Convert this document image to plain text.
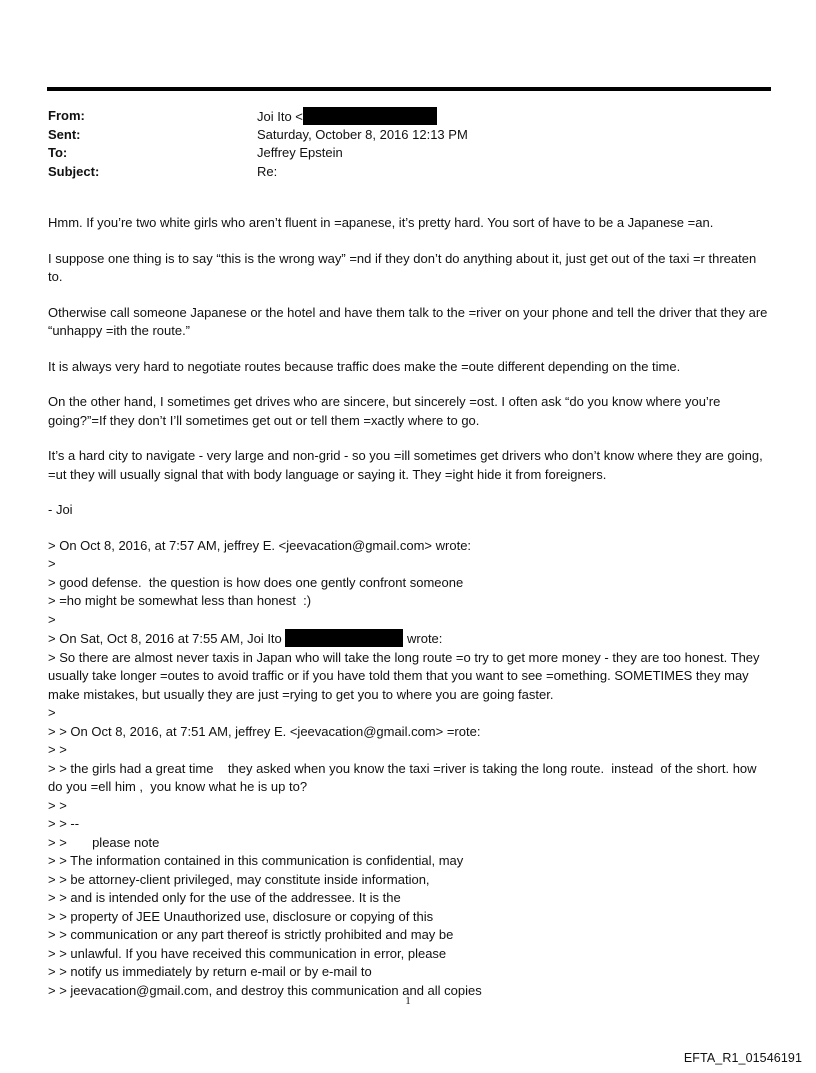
From:	Joi Ito <
Sent:	Saturday, October 8, 2016 12:13 PM
To:	Jeffrey Epstein
Subject:	Re:

Hmm. If you’re two white girls who aren’t fluent in =apanese, it’s pretty hard. You sort of have to be a Japanese =an.

I suppose one thing is to say “this is the wrong way” =nd if they don’t do anything about it, just get out of the taxi =r threaten to.

Otherwise call someone Japanese or the hotel and have them talk to the =river on your phone and tell the driver that they are “unhappy =ith the route.”

It is always very hard to negotiate routes because traffic does make the =oute different depending on the time.

On the other hand, I sometimes get drives who are sincere, but sincerely =ost. I often ask “do you know where you’re going?”=If they don’t I’ll sometimes get out or tell them =xactly where to go.

It’s a hard city to navigate - very large and non-grid - so you =ill sometimes get drivers who don’t know where they are going, =ut they will usually signal that with body language or saying it. They =ight hide it from foreigners.

- Joi

> On Oct 8, 2016, at 7:57 AM, jeffrey E. <jeevacation@gmail.com> wrote:

>

> good defense.  the question is how does one gently confront someone

> =ho might be somewhat less than honest  :)

>

> On Sat, Oct 8, 2016 at 7:55 AM, Joi Ito	wrote:

> So there are almost never taxis in Japan who will take the long route =o try to get more money - they are too honest. They usually take longer =outes to avoid traffic or if you have told them that you want to see =omething. SOMETIMES they may make mistakes, but usually they are just =rying to get you to where you are going faster.

>

> > On Oct 8, 2016, at 7:51 AM, jeffrey E. <jeevacation@gmail.com> =rote:

> >

> > the girls had a great time    they asked when you know the taxi =river is taking the long route.  instead  of the short. how do you =ell him ,  you know what he is up to?

> >

> > --

> >       please note

> > The information contained in this communication is confidential, may

> > be attorney-client privileged, may constitute inside information,

> > and is intended only for the use of the addressee. It is the

> > property of JEE Unauthorized use, disclosure or copying of this

> > communication or any part thereof is strictly prohibited and may be

> > unlawful. If you have received this communication in error, please

> > notify us immediately by return e-mail or by e-mail to

> > jeevacation@gmail.com, and destroy this communication and all copies

1
EFTA_R1_01546191
